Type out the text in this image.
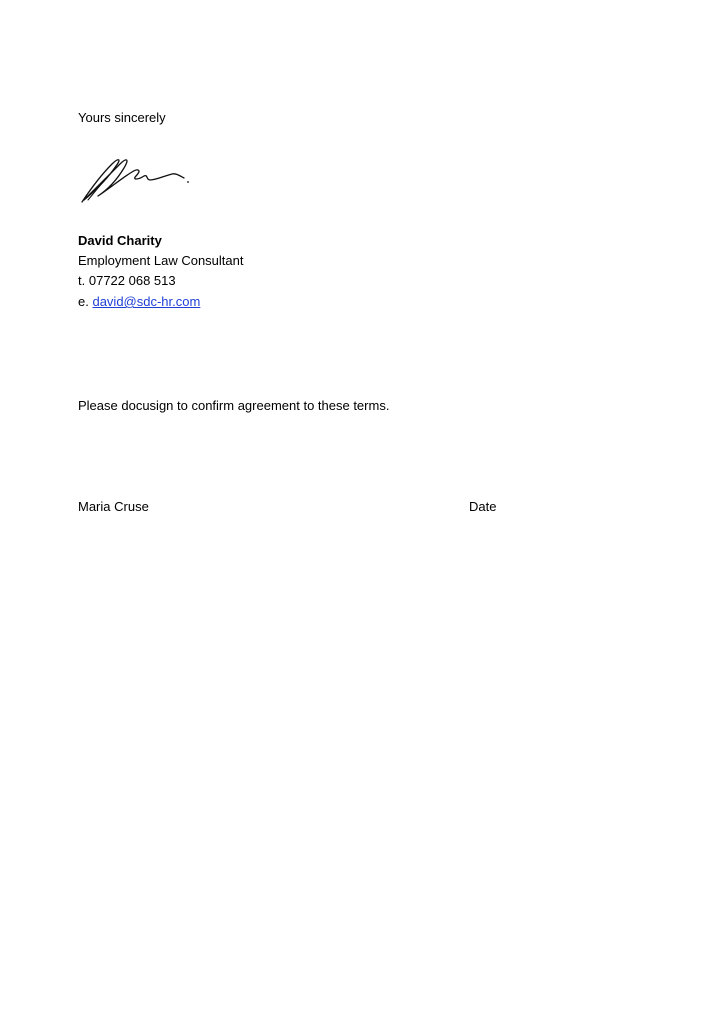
Yours sincerely
David Charity
Employment Law Consultant
t. 07722 068 513
e. david@sdc-hr.com
Please docusign to confirm agreement to these terms.
Maria Cruse	Date
